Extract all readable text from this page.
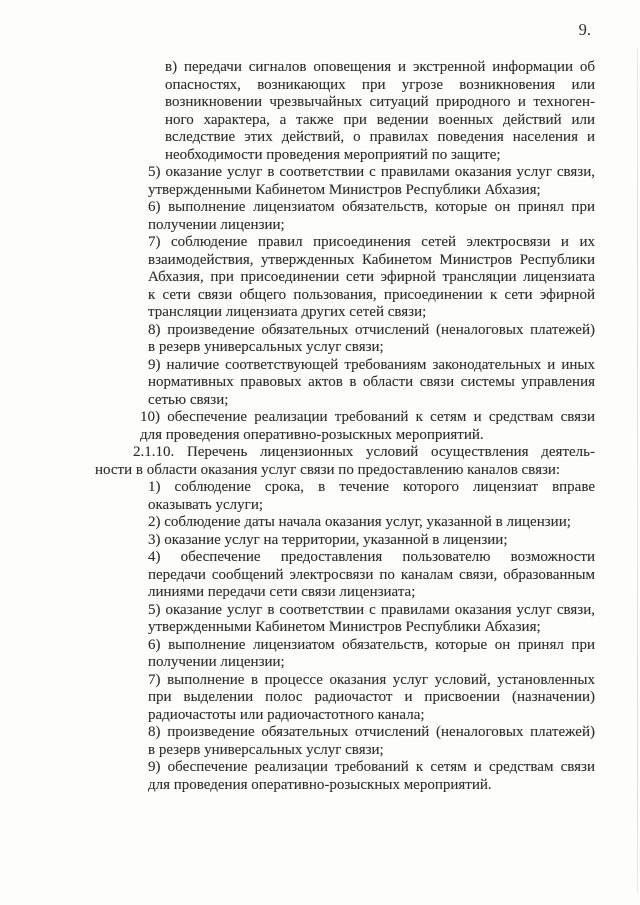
9.
в) передачи сигналов оповещения и экстренной информации об
опасностях, возникающих при угрозе возникновения или
возникновении чрезвычайных ситуаций природного и техноген-
ного характера, а также при ведении военных действий или
вследствие этих действий, о правилах поведения населения и
необходимости проведения мероприятий по защите;
5) оказание услуг в соответствии с правилами оказания услуг связи,
утвержденными Кабинетом Министров Республики Абхазия;
6) выполнение лицензиатом обязательств, которые он принял при
получении лицензии;
7) соблюдение правил присоединения сетей электросвязи и их
взаимодействия, утвержденных Кабинетом Министров Республики
Абхазия, при присоединении сети эфирной трансляции лицензиата
к сети связи общего пользования, присоединении к сети эфирной
трансляции лицензиата других сетей связи;
8) произведение обязательных отчислений (неналоговых платежей)
в резерв универсальных услуг связи;
9) наличие соответствующей требованиям законодательных и иных
нормативных правовых актов в области связи системы управления
сетью связи;
10) обеспечение реализации требований к сетям и средствам связи
для проведения оперативно-розыскных мероприятий.
2.1.10. Перечень лицензионных условий осуществления деятель-
ности в области оказания услуг связи по предоставлению каналов связи:
1) соблюдение срока, в течение которого лицензиат вправе
оказывать услуги;
2) соблюдение даты начала оказания услуг, указанной в лицензии;
3) оказание услуг на территории, указанной в лицензии;
4) обеспечение предоставления пользователю возможности
передачи сообщений электросвязи по каналам связи, образованным
линиями передачи сети связи лицензиата;
5) оказание услуг в соответствии с правилами оказания услуг связи,
утвержденными Кабинетом Министров Республики Абхазия;
6) выполнение лицензиатом обязательств, которые он принял при
получении лицензии;
7) выполнение в процессе оказания услуг условий, установленных
при выделении полос радиочастот и присвоении (назначении)
радиочастоты или радиочастотного канала;
8) произведение обязательных отчислений (неналоговых платежей)
в резерв универсальных услуг связи;
9) обеспечение реализации требований к сетям и средствам связи
для проведения оперативно-розыскных мероприятий.
